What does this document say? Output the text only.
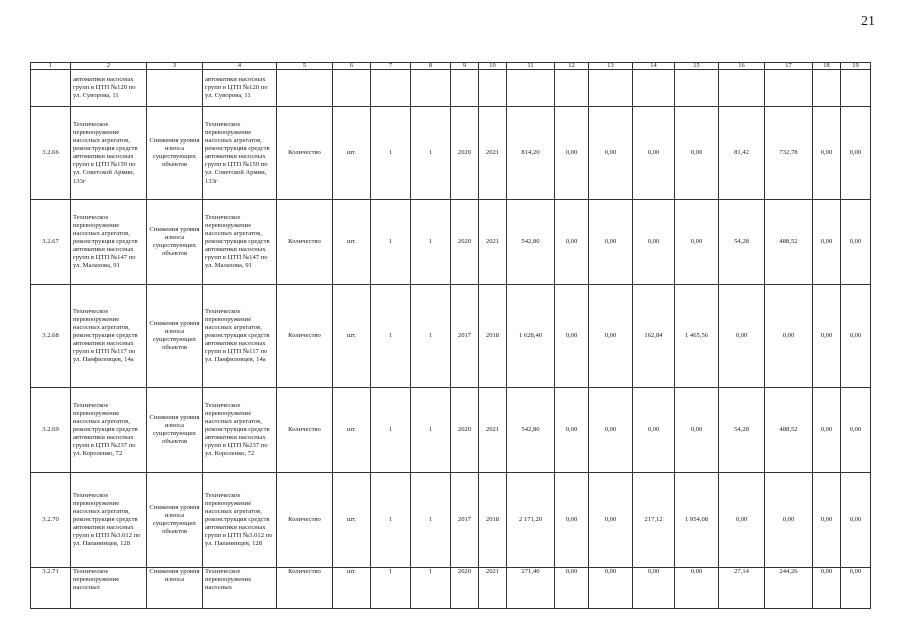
21
1	2	3	4	5	6	7	8	9	10	11	12	13	14	15	16	17	18	19
	автоматики насосных групп в ЦТП №120 по ул. Суворова, 11		автоматики насосных групп в ЦТП №120 по ул. Суворова, 11															
3.2.66	Техническое перевооружение насосных агрегатов, реконструкция средств автоматики насосных групп в ЦТП №159 по ул. Советской Армии, 133г	Снижения уровня износа существующих объектов	Техническое перевооружение насосных агрегатов, реконструкция средств автоматики насосных групп в ЦТП №159 по ул. Советской Армии, 133г	Количество	шт.	1	1	2020	2021	814,20	0,00	0,00	0,00	0,00	81,42	732,78	0,00	0,00
3.2.67	Техническое перевооружение насосных агрегатов, реконструкция средств автоматики насосных групп в ЦТП №147 по ул. Малахова, 91	Снижения уровня износа существующих объектов	Техническое перевооружение насосных агрегатов, реконструкция средств автоматики насосных групп в ЦТП №147 по ул. Малахова, 91	Количество	шт.	1	1	2020	2021	542,80	0,00	0,00	0,00	0,00	54,28	488,52	0,00	0,00
3.2.68	Техническое перевооружение насосных агрегатов, реконструкция средств автоматики насосных групп в ЦТП №117 по ул. Панфиловцев, 14а	Снижения уровня износа существующих объектов	Техническое перевооружение насосных агрегатов, реконструкция средств автоматики насосных групп в ЦТП №117 по ул. Панфиловцев, 14а	Количество	шт.	1	1	2017	2018	1 628,40	0,00	0,00	162,84	1 465,56	0,00	0,00	0,00	0,00
3.2.69	Техническое перевооружение насосных агрегатов, реконструкция средств автоматики насосных групп в ЦТП №237 по ул. Короленко, 72	Снижения уровня износа существующих объектов	Техническое перевооружение насосных агрегатов, реконструкция средств автоматики насосных групп в ЦТП №237 по ул. Короленко, 72	Количество	шт.	1	1	2020	2021	542,80	0,00	0,00	0,00	0,00	54,28	488,52	0,00	0,00
3.2.70	Техническое перевооружение насосных агрегатов, реконструкция средств автоматики насосных групп в ЦТП №3.012 по ул. Папанинцев, 128	Снижения уровня износа существующих объектов	Техническое перевооружение насосных агрегатов, реконструкция средств автоматики насосных групп в ЦТП №3.012 по ул. Папанинцев, 128	Количество	шт.	1	1	2017	2018	2 171,20	0,00	0,00	217,12	1 954,08	0,00	0,00	0,00	0,00
3.2.71	Техническое перевооружение насосных	Снижения уровня износа	Техническое перевооружение насосных	Количество	шт.	1	1	2020	2021	271,40	0,00	0,00	0,00	0,00	27,14	244,26	0,00	0,00
